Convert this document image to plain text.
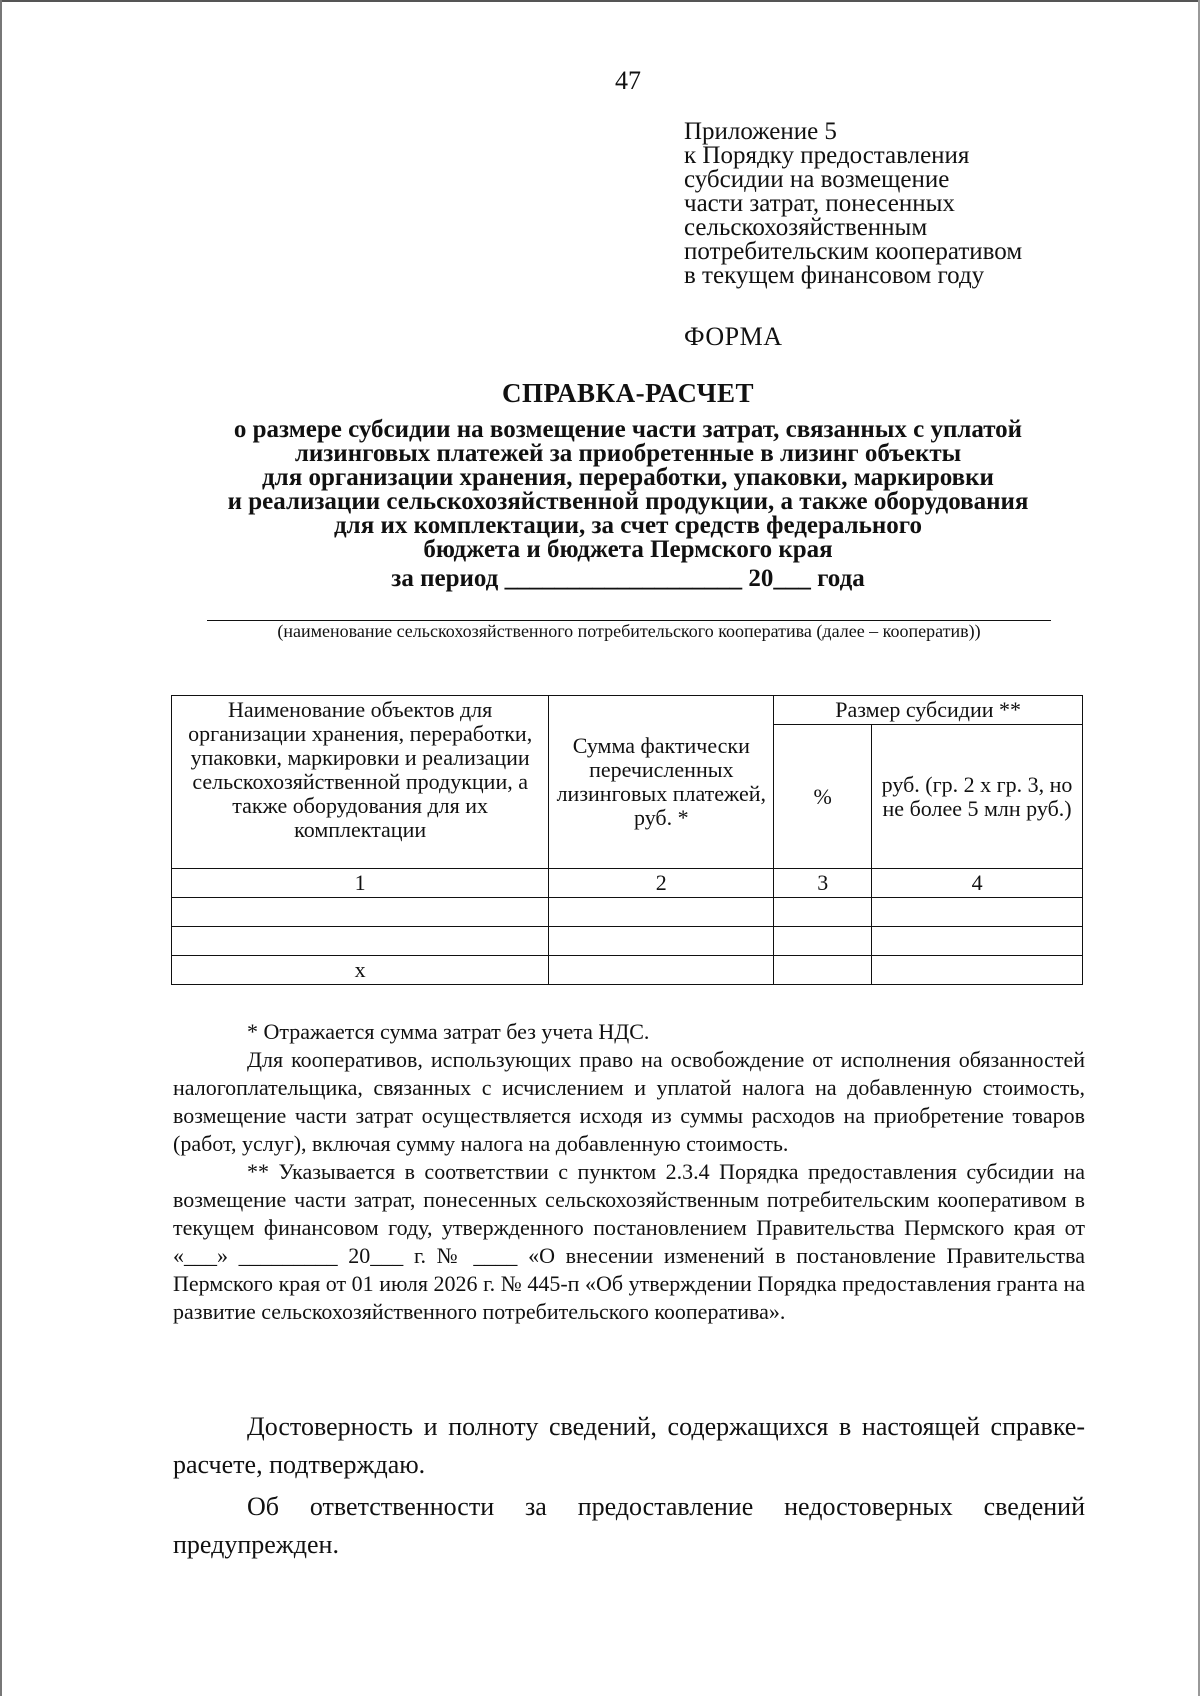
47
Приложение 5
к Порядку предоставления
субсидии на возмещение
части затрат, понесенных
сельскохозяйственным
потребительским кооперативом
в текущем финансовом году
ФОРМА
СПРАВКА-РАСЧЕТ
о размере субсидии на возмещение части затрат, связанных с уплатой
лизинговых платежей за приобретенные в лизинг объекты
для организации хранения, переработки, упаковки, маркировки
и реализации сельскохозяйственной продукции, а также оборудования
для их комплектации, за счет средств федерального
бюджета и бюджета Пермского края
за период ___________________ 20___ года
(наименование сельскохозяйственного потребительского кооператива (далее – кооператив))
Наименование объектов для организации хранения, переработки, упаковки, маркировки и реализации сельскохозяйственной продукции, а также оборудования для их комплектации	Сумма фактически перечисленных лизинговых платежей, руб. *	Размер субсидии **	
		%	руб. (гр. 2 х гр. 3, но не более 5 млн руб.)
1	2	3	4

х			

* Отражается сумма затрат без учета НДС.

Для кооперативов, использующих право на освобождение от исполнения обязанностей налогоплательщика, связанных с исчислением и уплатой налога на добавленную стоимость, возмещение части затрат осуществляется исходя из суммы расходов на приобретение товаров (работ, услуг), включая сумму налога на добавленную стоимость.

** Указывается в соответствии с пунктом 2.3.4 Порядка предоставления субсидии на возмещение части затрат, понесенных сельскохозяйственным потребительским кооперативом в текущем финансовом году, утвержденного постановлением Правительства Пермского края от «___» _________ 20___ г. № ____ «О внесении изменений в постановление Правительства Пермского края от 01 июля 2026 г. № 445-п «Об утверждении Порядка предоставления гранта на развитие сельскохозяйственного потребительского кооператива».

Достоверность и полноту сведений, содержащихся в настоящей справке-расчете, подтверждаю.

Об ответственности за предоставление недостоверных сведений предупрежден.
